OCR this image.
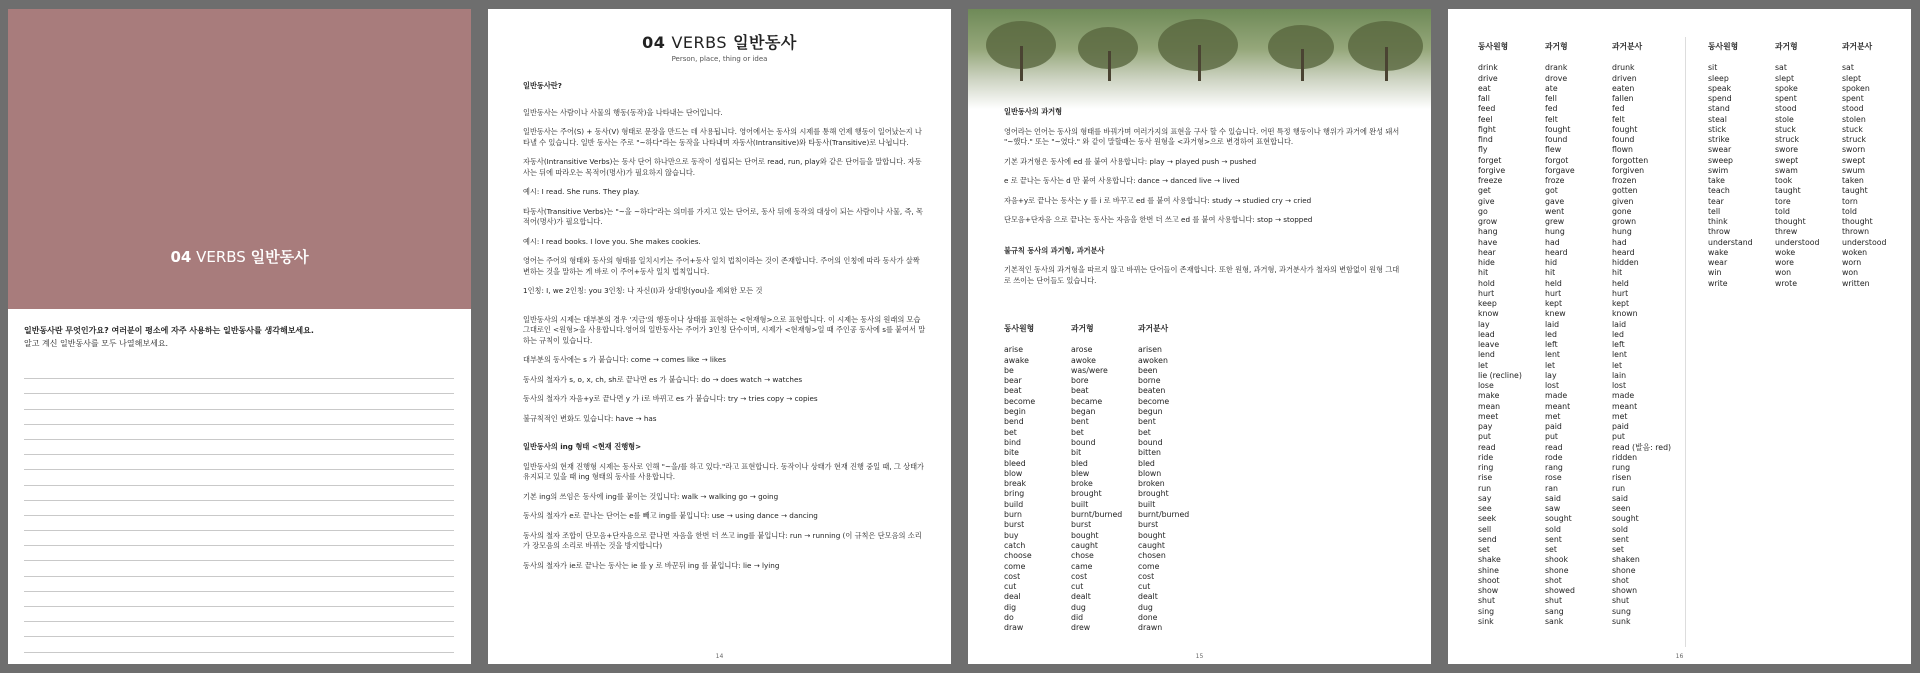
04 VERBS 일반동사
일반동사란 무엇인가요? 여러분이 평소에 자주 사용하는 일반동사를 생각해보세요.
알고 계신 일반동사를 모두 나열해보세요.
04 VERBS 일반동사
Person, place, thing or idea
일반동사란?
일반동사는 사람이나 사물의 행동(동작)을 나타내는 단어입니다.
일반동사는 주어(S) + 동사(V) 형태로 문장을 만드는 데 사용됩니다. 영어에서는 동사의 시제를 통해 언제 행동이 일어났는지 나타낼 수 있습니다. 일반 동사는 주로 "~하다"라는 동작을 나타내며 자동사(Intransitive)와 타동사(Transitive)로 나뉩니다.
자동사(Intransitive Verbs)는 동사 단어 하나만으로 동작이 성립되는 단어로 read, run, play와 같은 단어들을 말합니다. 자동사는 뒤에 따라오는 목적어(명사)가 필요하지 않습니다.
예시: I read. She runs. They play.
타동사(Transitive Verbs)는 "~을 ~하다"라는 의미를 가지고 있는 단어로, 동사 뒤에 동작의 대상이 되는 사람이나 사물, 즉, 목적어(명사)가 필요합니다.
예시: I read books. I love you. She makes cookies.
영어는 주어의 형태와 동사의 형태를 일치시키는 주어+동사 일치 법칙이라는 것이 존재합니다. 주어의 인칭에 따라 동사가 살짝 변하는 것을 말하는 게 바로 이 주어+동사 일치 법칙입니다.
1인칭: I, we 2인칭: you 3인칭: 나 자신(I)과 상대방(you)을 제외한 모든 것
일반동사의 시제는 대부분의 경우 '지금'의 행동이나 상태를 표현하는 <현재형>으로 표현합니다. 이 시제는 동사의 원래의 모습 그대로인 <원형>을 사용합니다.영어의 일반동사는 주어가 3인칭 단수이며, 시제가 <현재형>일 때 주인공 동사에 s를 붙여서 말하는 규칙이 있습니다.
대부분의 동사에는 s 가 붙습니다: come → comes like → likes
동사의 철자가 s, o, x, ch, sh로 끝나면 es 가 붙습니다: do → does watch → watches
동사의 철자가 자음+y로 끝나면 y 가 i로 바뀌고 es 가 붙습니다: try → tries copy → copies
불규칙적인 변화도 있습니다: have → has
일반동사의 ing 형태 <현재 진행형>
일반동사의 현재 진행형 시제는 동사로 인해 "~을/를 하고 있다."라고 표현합니다. 동작이나 상태가 현재 진행 중일 때, 그 상태가 유지되고 있을 때 ing 형태의 동사를 사용합니다.
기본 ing의 쓰임은 동사에 ing를 붙이는 것입니다: walk → walking go → going
동사의 철자가 e로 끝나는 단어는 e를 빼고 ing를 붙입니다: use → using dance → dancing
동사의 철자 조합이 단모음+단자음으로 끝나면 자음을 한번 더 쓰고 ing를 붙입니다: run → running (이 규칙은 단모음의 소리가 장모음의 소리로 바뀌는 것을 방지합니다)
동사의 철자가 ie로 끝나는 동사는 ie 를 y 로 바꾼뒤 ing 를 붙입니다: lie → lying
14
일반동사의 과거형
영어라는 언어는 동사의 형태를 바꿔가며 여러가지의 표현을 구사 할 수 있습니다. 어떤 특정 행동이나 행위가 과거에 완성 돼서 "~했다." 또는 "~였다." 와 같이 말할때는 동사 원형을 <과거형>으로 변경하여 표현합니다.
기본 과거형은 동사에 ed 를 붙여 사용합니다: play → played push → pushed
e 로 끝나는 동사는 d 만 붙여 사용합니다: dance → danced live → lived
자음+y로 끝나는 동사는 y 를 i 로 바꾸고 ed 를 붙여 사용합니다: study → studied cry → cried
단모음+단자음 으로 끝나는 동사는 자음을 한번 더 쓰고 ed 를 붙여 사용합니다: stop → stopped
불규칙 동사의 과거형, 과거분사
기본적인 동사의 과거형을 따르지 않고 바뀌는 단어들이 존재합니다. 또한 원형, 과거형, 과거분사가 철자의 변함없이 원형 그대로 쓰이는 단어들도 있습니다.
동사원형
arise
awake
be
bear
beat
become
begin
bend
bet
bind
bite
bleed
blow
break
bring
build
burn
burst
buy
catch
choose
come
cost
cut
deal
dig
do
draw
과거형
arose
awoke
was/were
bore
beat
became
began
bent
bet
bound
bit
bled
blew
broke
brought
built
burnt/burned
burst
bought
caught
chose
came
cost
cut
dealt
dug
did
drew
과거분사
arisen
awoken
been
borne
beaten
become
begun
bent
bet
bound
bitten
bled
blown
broken
brought
built
burnt/burned
burst
bought
caught
chosen
come
cost
cut
dealt
dug
done
drawn
15
동사원형
drink
drive
eat
fall
feed
feel
fight
find
fly
forget
forgive
freeze
get
give
go
grow
hang
have
hear
hide
hit
hold
hurt
keep
know
lay
lead
leave
lend
let
lie (recline)
lose
make
mean
meet
pay
put
read
ride
ring
rise
run
say
see
seek
sell
send
set
shake
shine
shoot
show
shut
sing
sink
과거형
drank
drove
ate
fell
fed
felt
fought
found
flew
forgot
forgave
froze
got
gave
went
grew
hung
had
heard
hid
hit
held
hurt
kept
knew
laid
led
left
lent
let
lay
lost
made
meant
met
paid
put
read
rode
rang
rose
ran
said
saw
sought
sold
sent
set
shook
shone
shot
showed
shut
sang
sank
과거분사
drunk
driven
eaten
fallen
fed
felt
fought
found
flown
forgotten
forgiven
frozen
gotten
given
gone
grown
hung
had
heard
hidden
hit
held
hurt
kept
known
laid
led
left
lent
let
lain
lost
made
meant
met
paid
put
read (발음: red)
ridden
rung
risen
run
said
seen
sought
sold
sent
set
shaken
shone
shot
shown
shut
sung
sunk
동사원형
sit
sleep
speak
spend
stand
steal
stick
strike
swear
sweep
swim
take
teach
tear
tell
think
throw
understand
wake
wear
win
write
과거형
sat
slept
spoke
spent
stood
stole
stuck
struck
swore
swept
swam
took
taught
tore
told
thought
threw
understood
woke
wore
won
wrote
과거분사
sat
slept
spoken
spent
stood
stolen
stuck
struck
sworn
swept
swum
taken
taught
torn
told
thought
thrown
understood
woken
worn
won
written
16
